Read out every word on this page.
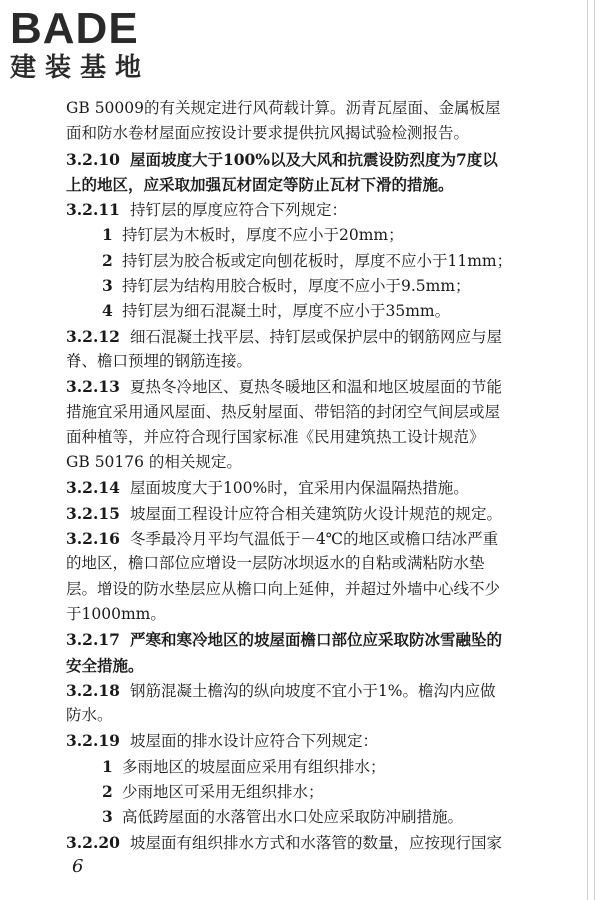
BADE
建装基地
GB 50009的有关规定进行风荷载计算。沥青瓦屋面、金属板屋
面和防水卷材屋面应按设计要求提供抗风揭试验检测报告。
3.2.10 屋面坡度大于100%以及大风和抗震设防烈度为7度以
上的地区，应采取加强瓦材固定等防止瓦材下滑的措施。
3.2.11 持钉层的厚度应符合下列规定：
1 持钉层为木板时，厚度不应小于20mm；
2 持钉层为胶合板或定向刨花板时，厚度不应小于11mm；
3 持钉层为结构用胶合板时，厚度不应小于9.5mm；
4 持钉层为细石混凝土时，厚度不应小于35mm。
3.2.12 细石混凝土找平层、持钉层或保护层中的钢筋网应与屋
脊、檐口预埋的钢筋连接。
3.2.13 夏热冬冷地区、夏热冬暖地区和温和地区坡屋面的节能
措施宜采用通风屋面、热反射屋面、带铝箔的封闭空气间层或屋
面种植等，并应符合现行国家标准《民用建筑热工设计规范》
GB 50176 的相关规定。
3.2.14 屋面坡度大于100%时，宜采用内保温隔热措施。
3.2.15 坡屋面工程设计应符合相关建筑防火设计规范的规定。
3.2.16 冬季最冷月平均气温低于－4℃的地区或檐口结冰严重
的地区，檐口部位应增设一层防冰坝返水的自粘或满粘防水垫
层。增设的防水垫层应从檐口向上延伸，并超过外墙中心线不少
于1000mm。
3.2.17 严寒和寒冷地区的坡屋面檐口部位应采取防冰雪融坠的
安全措施。
3.2.18 钢筋混凝土檐沟的纵向坡度不宜小于1%。檐沟内应做
防水。
3.2.19 坡屋面的排水设计应符合下列规定：
1 多雨地区的坡屋面应采用有组织排水；
2 少雨地区可采用无组织排水；
3 高低跨屋面的水落管出水口处应采取防冲刷措施。
3.2.20 坡屋面有组织排水方式和水落管的数量，应按现行国家
6
